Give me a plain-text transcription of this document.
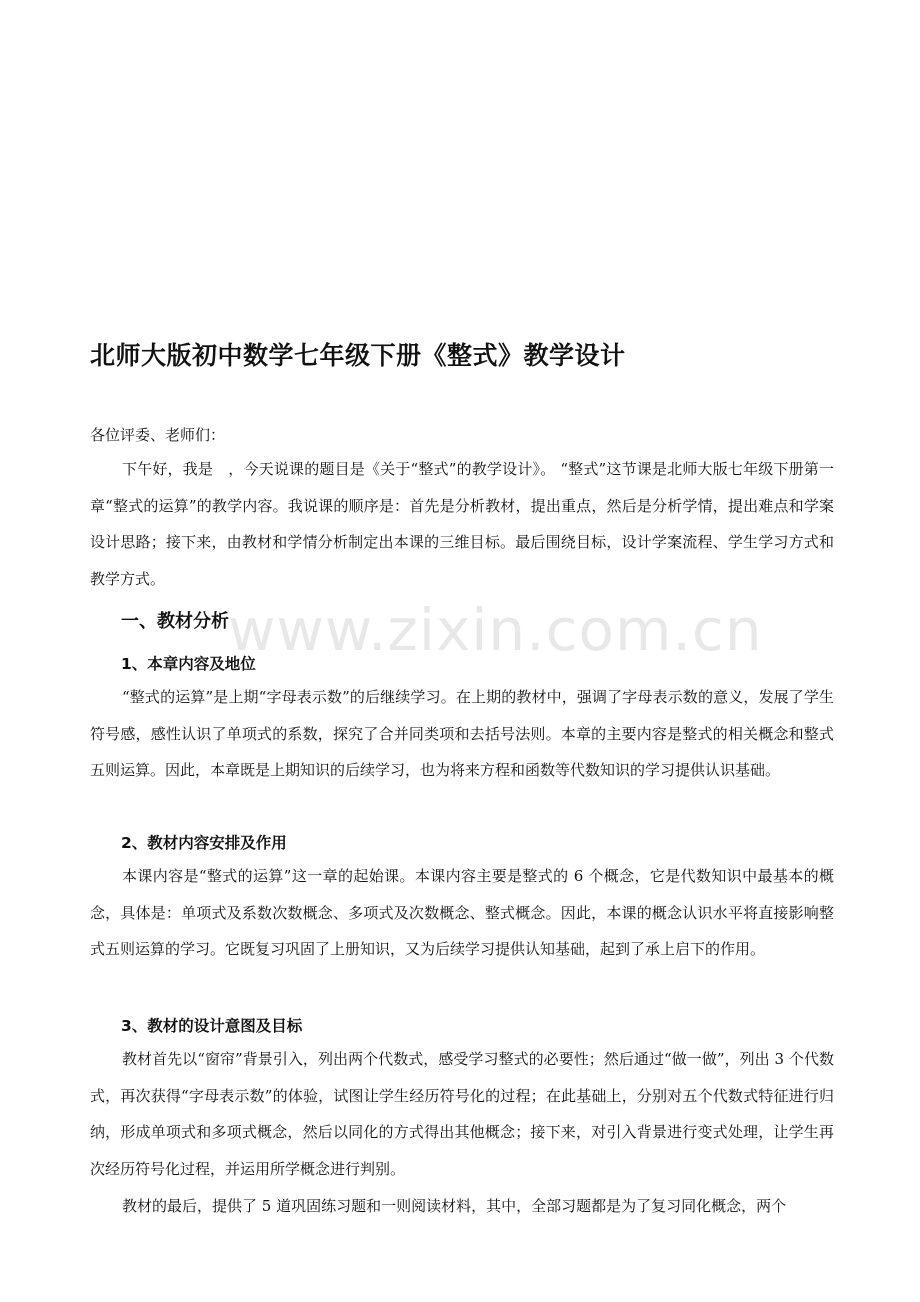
北师大版初中数学七年级下册《整式》教学设计

各位评委、老师们：

下午好，我是　，今天说课的题目是《关于“整式”的教学设计》。 “整式”这节课是北师大版七年级下册第一章“整式的运算”的教学内容。我说课的顺序是：首先是分析教材，提出重点，然后是分析学情，提出难点和学案设计思路；接下来，由教材和学情分析制定出本课的三维目标。最后围绕目标，设计学案流程、学生学习方式和教学方式。

一、教材分析
1、本章内容及地位

“整式的运算”是上期“字母表示数”的后继续学习。在上期的教材中，强调了字母表示数的意义，发展了学生符号感，感性认识了单项式的系数，探究了合并同类项和去括号法则。本章的主要内容是整式的相关概念和整式五则运算。因此，本章既是上期知识的后续学习，也为将来方程和函数等代数知识的学习提供认识基础。

2、教材内容安排及作用

本课内容是“整式的运算”这一章的起始课。本课内容主要是整式的 6 个概念，它是代数知识中最基本的概念，具体是：单项式及系数次数概念、多项式及次数概念、整式概念。因此，本课的概念认识水平将直接影响整式五则运算的学习。它既复习巩固了上册知识，又为后续学习提供认知基础，起到了承上启下的作用。

3、教材的设计意图及目标

教材首先以“窗帘”背景引入，列出两个代数式，感受学习整式的必要性；然后通过“做一做”，列出 3 个代数式，再次获得“字母表示数”的体验，试图让学生经历符号化的过程；在此基础上，分别对五个代数式特征进行归纳，形成单项式和多项式概念，然后以同化的方式得出其他概念；接下来，对引入背景进行变式处理，让学生再次经历符号化过程，并运用所学概念进行判别。

教材的最后，提供了 5 道巩固练习题和一则阅读材料，其中，全部习题都是为了复习同化概念，两个

www.zixin.com.cn
